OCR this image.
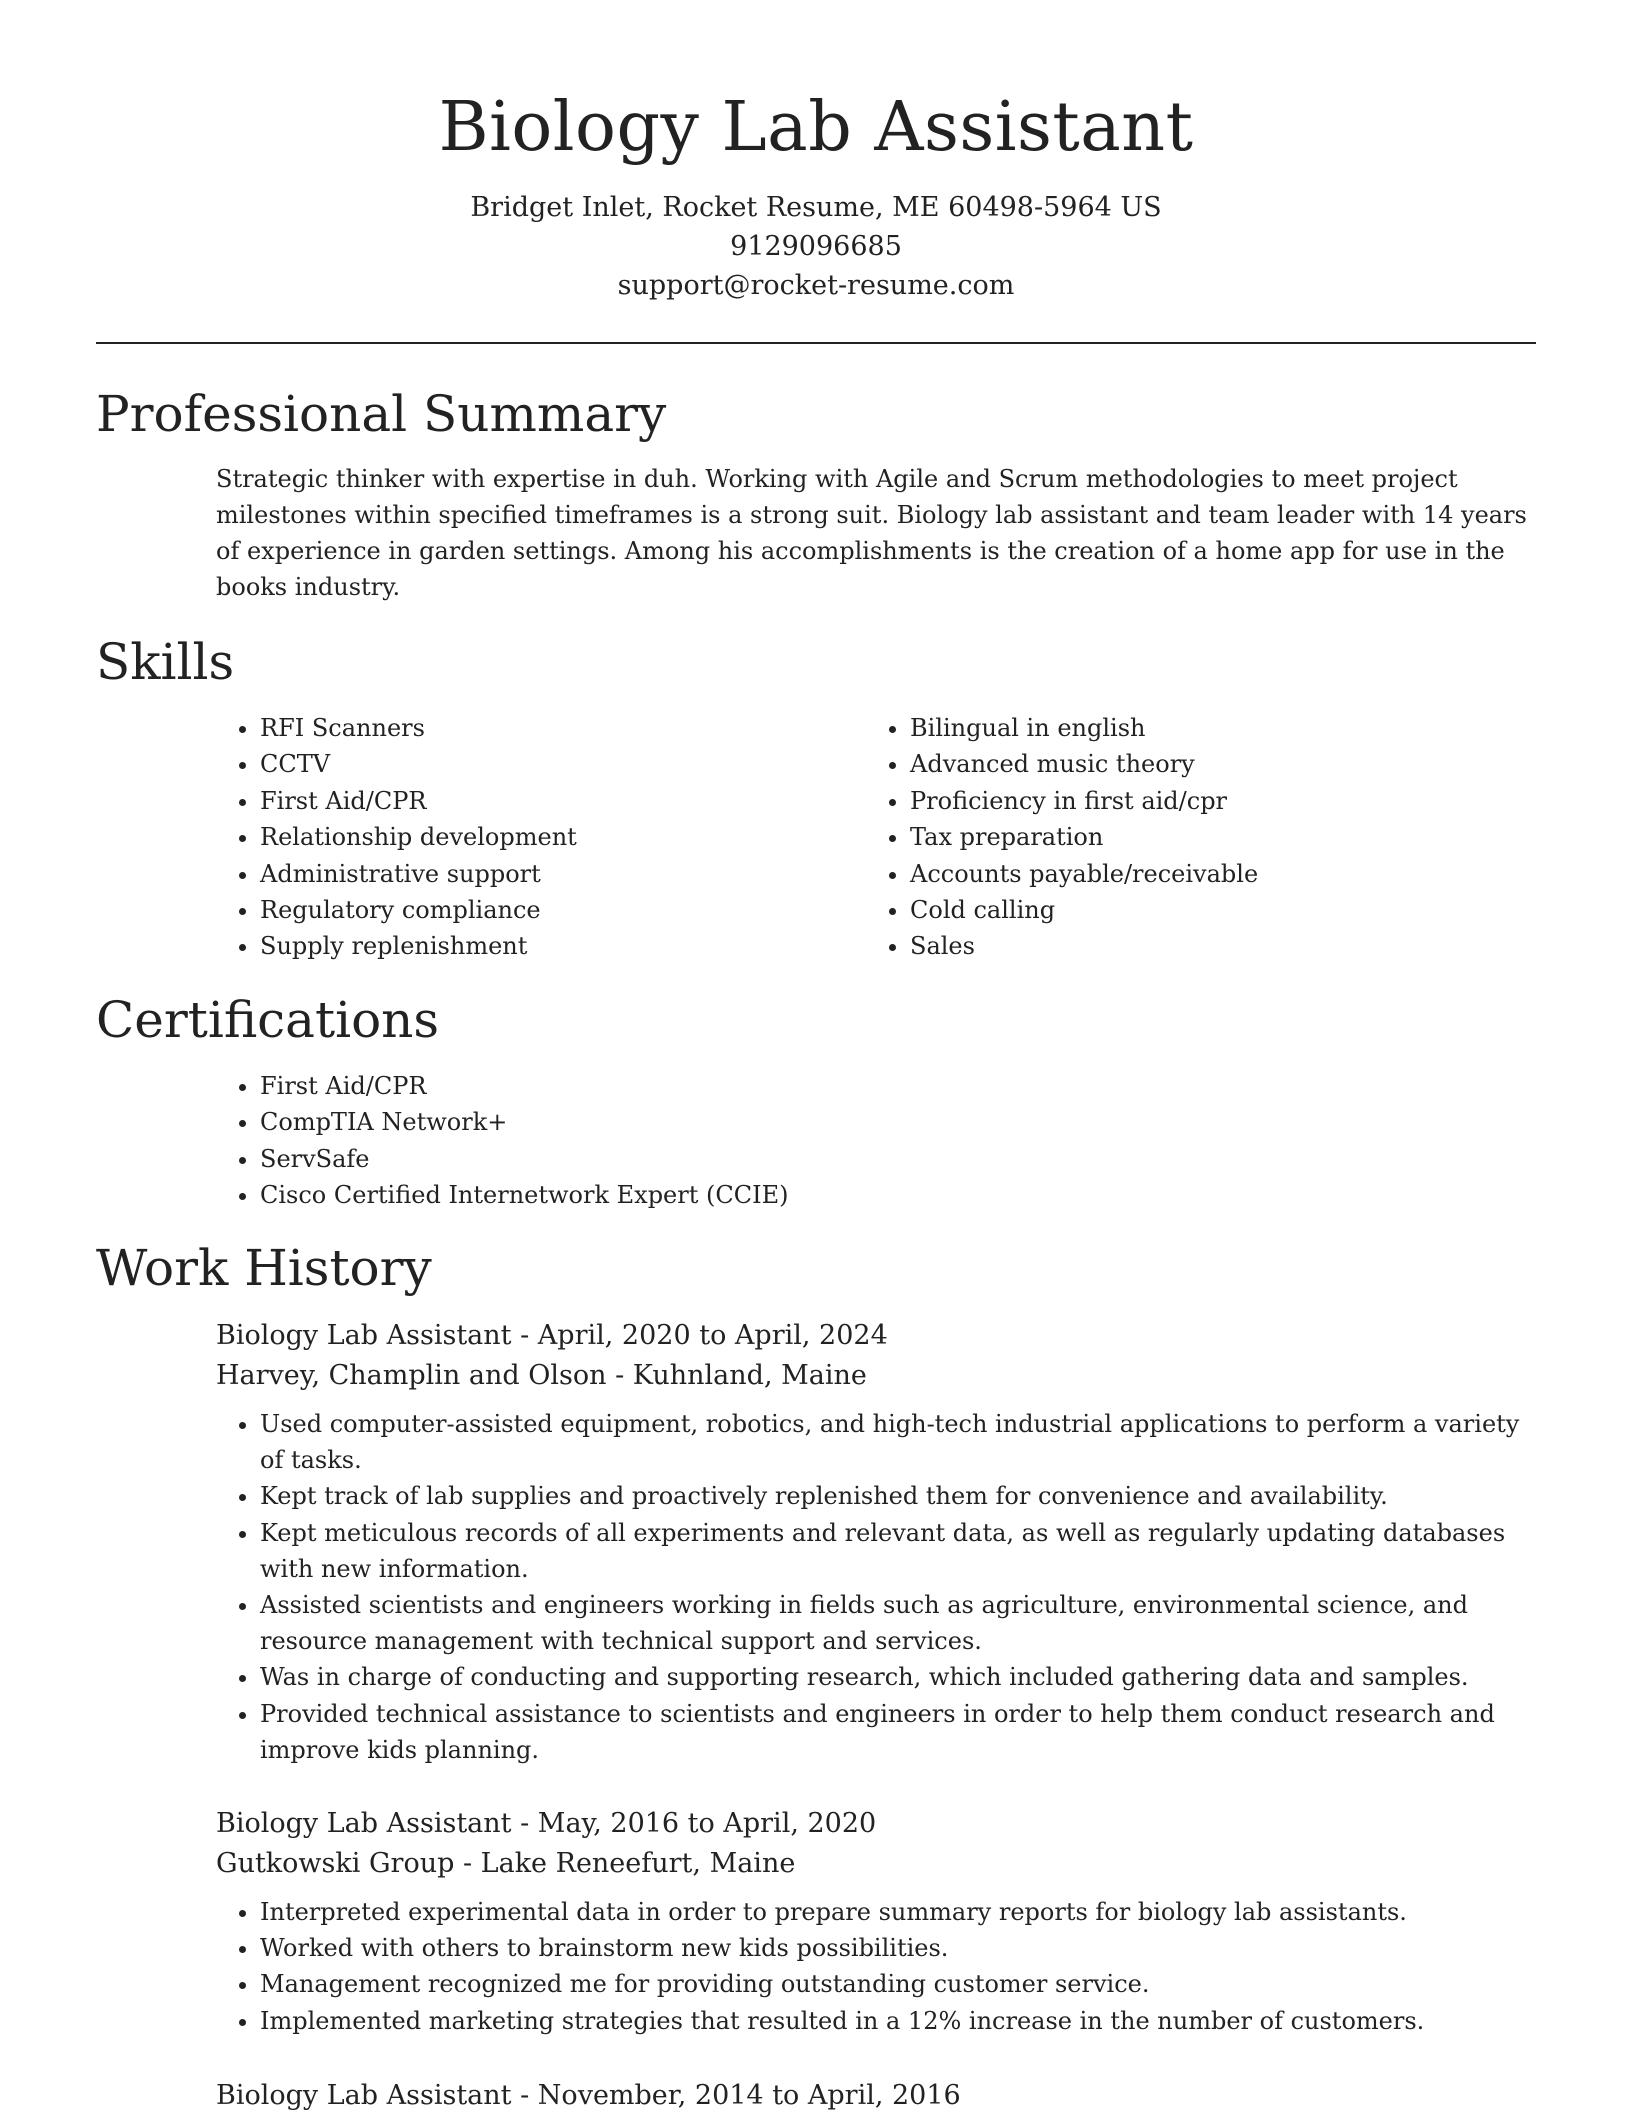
Biology Lab Assistant
Bridget Inlet, Rocket Resume, ME 60498-5964 US
9129096685
support@rocket-resume.com
Professional Summary

Strategic thinker with expertise in duh. Working with Agile and Scrum methodologies to meet project milestones within specified timeframes is a strong suit. Biology lab assistant and team leader with 14 years of experience in garden settings. Among his accomplishments is the creation of a home app for use in the books industry.

Skills
• RFI Scanners
• CCTV
• First Aid/CPR
• Relationship development
• Administrative support
• Regulatory compliance
• Supply replenishment
• Bilingual in english
• Advanced music theory
• Proficiency in first aid/cpr
• Tax preparation
• Accounts payable/receivable
• Cold calling
• Sales
Certifications
• First Aid/CPR
• CompTIA Network+
• ServSafe
• Cisco Certified Internetwork Expert (CCIE)
Work History
Biology Lab Assistant - April, 2020 to April, 2024
Harvey, Champlin and Olson - Kuhnland, Maine
• Used computer-assisted equipment, robotics, and high-tech industrial applications to perform a variety of tasks.
• Kept track of lab supplies and proactively replenished them for convenience and availability.
• Kept meticulous records of all experiments and relevant data, as well as regularly updating databases with new information.
• Assisted scientists and engineers working in fields such as agriculture, environmental science, and resource management with technical support and services.
• Was in charge of conducting and supporting research, which included gathering data and samples.
• Provided technical assistance to scientists and engineers in order to help them conduct research and improve kids planning.
Biology Lab Assistant - May, 2016 to April, 2020
Gutkowski Group - Lake Reneefurt, Maine
• Interpreted experimental data in order to prepare summary reports for biology lab assistants.
• Worked with others to brainstorm new kids possibilities.
• Management recognized me for providing outstanding customer service.
• Implemented marketing strategies that resulted in a 12% increase in the number of customers.
Biology Lab Assistant - November, 2014 to April, 2016
